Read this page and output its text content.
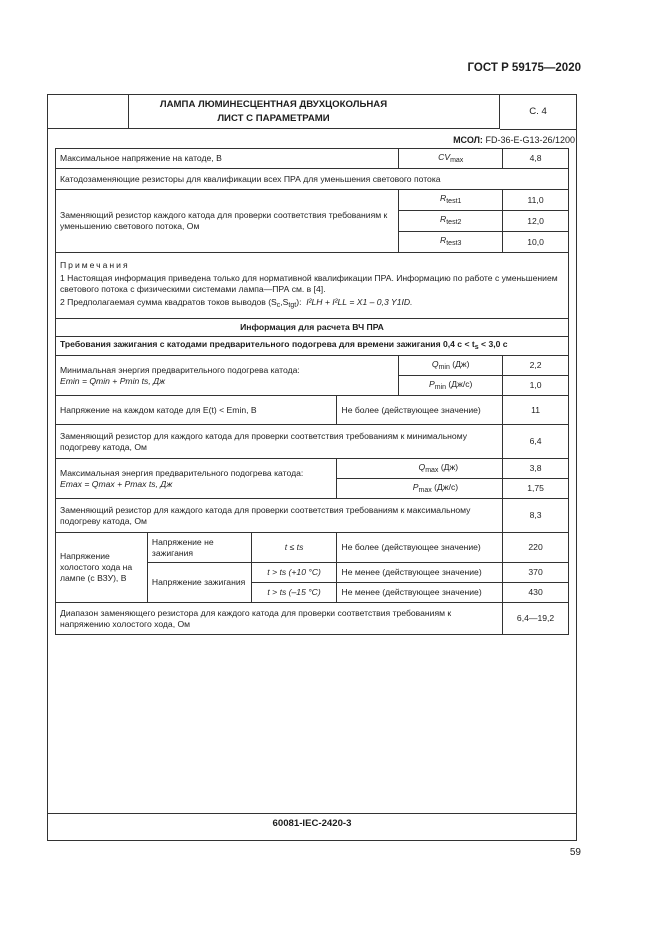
ГОСТ Р 59175—2020
ЛАМПА ЛЮМИНЕСЦЕНТНАЯ ДВУХЦОКОЛЬНАЯ
ЛИСТ С ПАРАМЕТРАМИ
С. 4
МСОЛ: FD-36-E-G13-26/1200
Максимальное напряжение на катоде, В				$CV_{max}$	4,8
Катодозаменяющие резисторы для квалификации всех ПРА для уменьшения светового потока					
Заменяющий резистор каждого катода для проверки соответствия требованиям к уменьшению светового потока, Ом				$R_{test1}$	11,0
				$R_{test2}$	12,0
				$R_{test3}$	10,0

Примечания
1 Настоящая информация приведена только для нормативной квалификации ПРА. Информацию по работе с уменьшением светового потока с физическими системами лампа—ПРА см. в [4].
2 Предполагаемая сумма квадратов токов выводов $(S_c,S_{tgt})$:  I²LH + I²LL = X1 – 0,3 Y1ID.					

Информация для расчета ВЧ ПРА					
Требования зажигания с катодами предварительного подогрева для времени зажигания 0,4 $с < t_s < 3,0$ с					

Минимальная энергия предварительного подогрева катода:
Emin = Qmin + Pmin ts, Дж				$Q_{min}$ (Дж)	2,2
				$P_{min}$ (Дж/с)	1,0
Напряжение на каждом катоде для E(t) < Emin, В			Не более (действующее значение)		11
Заменяющий резистор для каждого катода для проверки соответствия требованиям к минимальному подогреву катода, Ом					6,4

Максимальная энергия предварительного подогрева катода:
Emax = Qmax + Pmax ts, Дж			$Q_{max}$ (Дж)		3,8
			$P_{max}$ (Дж/с)		1,75
Заменяющий резистор для каждого катода для проверки соответствия требованиям к максимальному подогреву катода, Ом					8,3
Напряжение холостого хода на лампе (с ВЗУ), В	Напряжение не зажигания	t ≤ ts	Не более (действующее значение)		220
	Напряжение зажигания	t > ts (+10 °C)	Не менее (действующее значение)		370
		t > ts (–15 °C)	Не менее (действующее значение)		430
Диапазон заменяющего резистора для каждого катода для проверки соответствия требованиям к напряжению холостого хода, Ом					6,4—19,2
60081-IEC-2420-3
59
